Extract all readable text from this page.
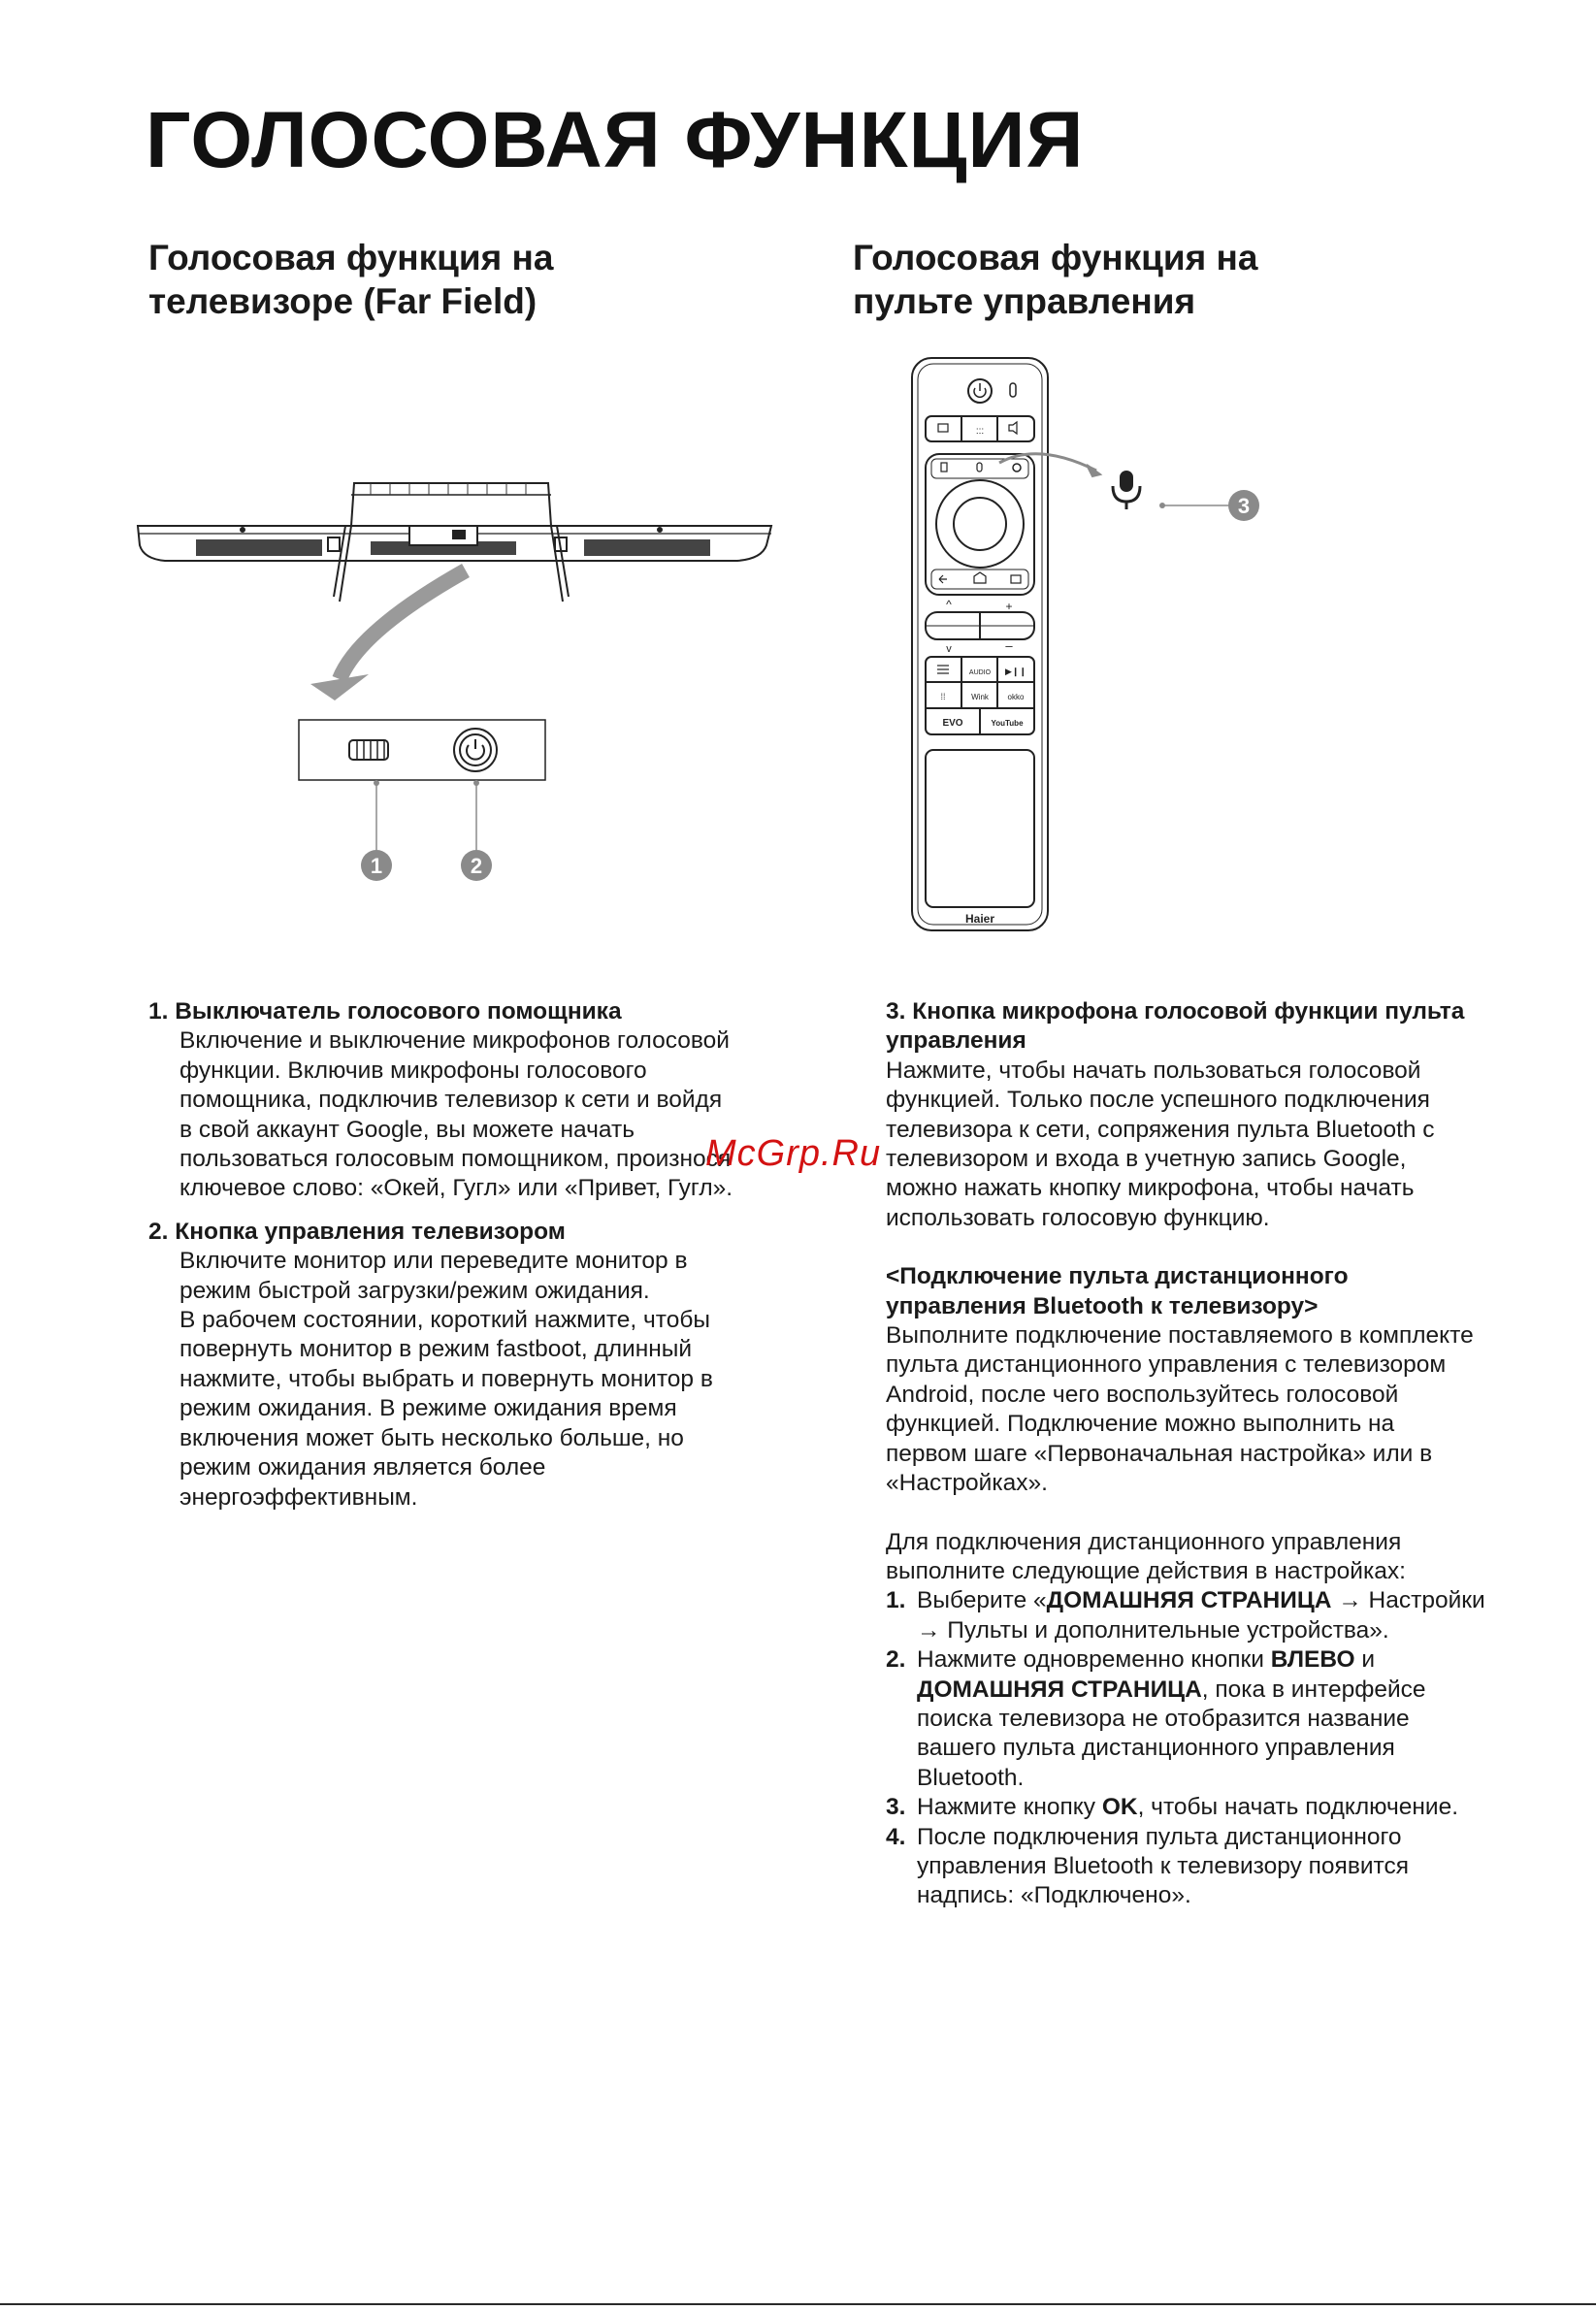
ГОЛОСОВАЯ ФУНКЦИЯ
Голосовая функция на
телевизоре (Far Field)
Голосовая функция на
пульте управления
1	2
:::
^	+
v	–
AUDIO ▶❙❙
⁞⁞	Wink okko
EVO	YouTube
Haier
3

1. Выключатель голосового помощника

Включение и выключение микрофонов голосовой

функции. Включив микрофоны голосового

помощника, подключив телевизор к сети и войдя

в свой аккаунт Google, вы можете начать

пользоваться голосовым помощником, произнося

ключевое слово: «Окей, Гугл» или «Привет, Гугл».

2. Кнопка управления телевизором

Включите монитор или переведите монитор в

режим быстрой загрузки/режим ожидания.

В рабочем состоянии, короткий нажмите, чтобы

повернуть монитор в режим fastboot, длинный

нажмите, чтобы выбрать и повернуть монитор в

режим ожидания. В режиме ожидания время

включения может быть несколько больше, но

режим ожидания является более

энергоэффективным.

3. Кнопка микрофона голосовой функции пульта

управления

Нажмите, чтобы начать пользоваться голосовой

функцией. Только после успешного подключения

телевизора к сети, сопряжения пульта Bluetooth с

телевизором и входа в учетную запись Google,

можно нажать кнопку микрофона, чтобы начать

использовать голосовую функцию.

<Подключение пульта дистанционного

управления Bluetooth к телевизору>

Выполните подключение поставляемого в комплекте

пульта дистанционного управления с телевизором

Android, после чего воспользуйтесь голосовой

функцией. Подключение можно выполнить на

первом шаге «Первоначальная настройка» или в

«Настройках».

Для подключения дистанционного управления

выполните следующие действия в настройках:

1. Выберите «ДОМАШНЯЯ СТРАНИЦА → Настройки

→ Пульты и дополнительные устройства».

2. Нажмите одновременно кнопки ВЛЕВО и

ДОМАШНЯЯ СТРАНИЦА, пока в интерфейсе

поиска телевизора не отобразится название

вашего пульта дистанционного управления

Bluetooth.

3. Нажмите кнопку OK, чтобы начать подключение.

4. После подключения пульта дистанционного

управления Bluetooth к телевизору появится

надпись: «Подключено».

McGrp.Ru
